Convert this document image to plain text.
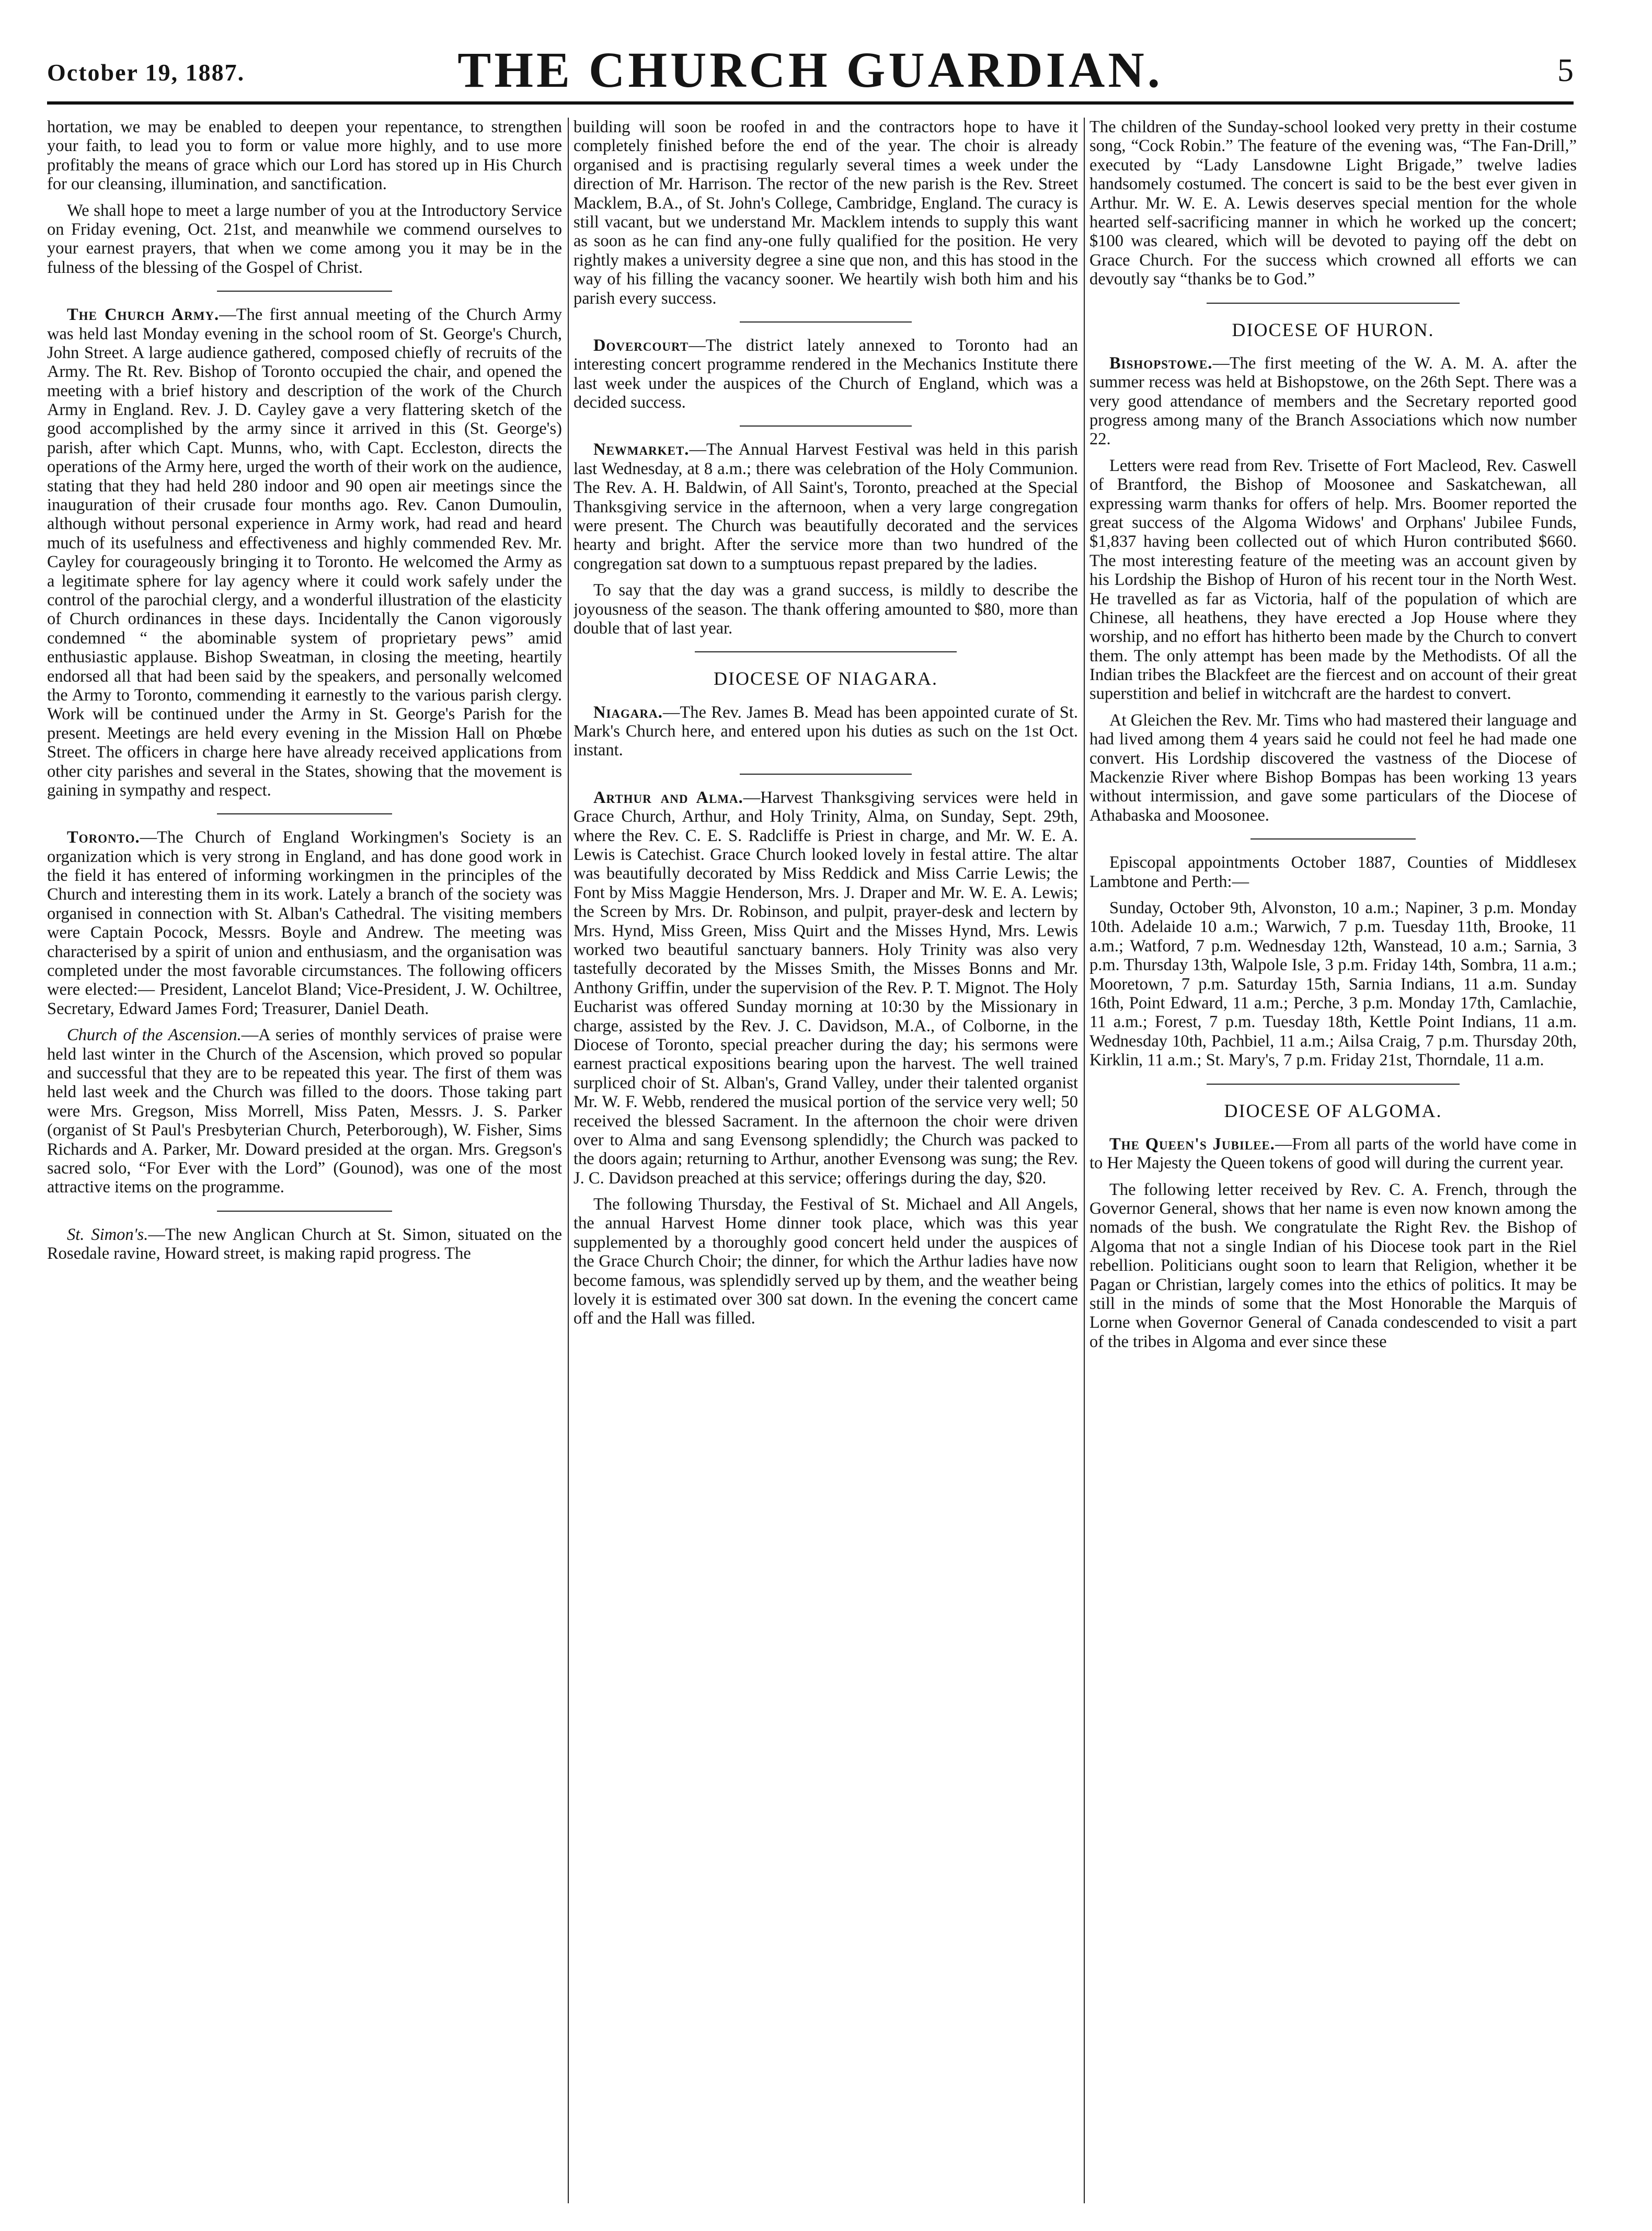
October 19, 1887.	THE CHURCH GUARDIAN.	5

hortation, we may be enabled to deepen your repentance, to strengthen your faith, to lead you to form or value more highly, and to use more profitably the means of grace which our Lord has stored up in His Church for our cleansing, illumination, and sanctification.

We shall hope to meet a large number of you at the Introductory Service on Friday evening, Oct. 21st, and meanwhile we commend ourselves to your earnest prayers, that when we come among you it may be in the fulness of the blessing of the Gospel of Christ.

The Church Army.—The first annual meeting of the Church Army was held last Monday evening in the school room of St. George's Church, John Street. A large audience gathered, composed chiefly of recruits of the Army. The Rt. Rev. Bishop of Toronto occupied the chair, and opened the meeting with a brief history and description of the work of the Church Army in England. Rev. J. D. Cayley gave a very flattering sketch of the good accomplished by the army since it arrived in this (St. George's) parish, after which Capt. Munns, who, with Capt. Eccleston, directs the operations of the Army here, urged the worth of their work on the audience, stating that they had held 280 indoor and 90 open air meetings since the inauguration of their crusade four months ago. Rev. Canon Dumoulin, although without personal experience in Army work, had read and heard much of its usefulness and effectiveness and highly commended Rev. Mr. Cayley for courageously bringing it to Toronto. He welcomed the Army as a legitimate sphere for lay agency where it could work safely under the control of the parochial clergy, and a wonderful illustration of the elasticity of Church ordinances in these days. Incidentally the Canon vigorously condemned “ the abominable system of proprietary pews” amid enthusiastic applause. Bishop Sweatman, in closing the meeting, heartily endorsed all that had been said by the speakers, and personally welcomed the Army to Toronto, commending it earnestly to the various parish clergy. Work will be continued under the Army in St. George's Parish for the present. Meetings are held every evening in the Mission Hall on Phœbe Street. The officers in charge here have already received applications from other city parishes and several in the States, showing that the movement is gaining in sympathy and respect.

Toronto.—The Church of England Workingmen's Society is an organization which is very strong in England, and has done good work in the field it has entered of informing workingmen in the principles of the Church and interesting them in its work. Lately a branch of the society was organised in connection with St. Alban's Cathedral. The visiting members were Captain Pocock, Messrs. Boyle and Andrew. The meeting was characterised by a spirit of union and enthusiasm, and the organisation was completed under the most favorable circumstances. The following officers were elected:— President, Lancelot Bland; Vice-President, J. W. Ochiltree, Secretary, Edward James Ford; Treasurer, Daniel Death.

Church of the Ascension.—A series of monthly services of praise were held last winter in the Church of the Ascension, which proved so popular and successful that they are to be repeated this year. The first of them was held last week and the Church was filled to the doors. Those taking part were Mrs. Gregson, Miss Morrell, Miss Paten, Messrs. J. S. Parker (organist of St Paul's Presbyterian Church, Peterborough), W. Fisher, Sims Richards and A. Parker, Mr. Doward presided at the organ. Mrs. Gregson's sacred solo, “For Ever with the Lord” (Gounod), was one of the most attractive items on the programme.

St. Simon's.—The new Anglican Church at St. Simon, situated on the Rosedale ravine, Howard street, is making rapid progress. The

building will soon be roofed in and the contractors hope to have it completely finished before the end of the year. The choir is already organised and is practising regularly several times a week under the direction of Mr. Harrison. The rector of the new parish is the Rev. Street Macklem, B.A., of St. John's College, Cambridge, England. The curacy is still vacant, but we understand Mr. Macklem intends to supply this want as soon as he can find any-one fully qualified for the position. He very rightly makes a university degree a sine que non, and this has stood in the way of his filling the vacancy sooner. We heartily wish both him and his parish every success.

Dovercourt—The district lately annexed to Toronto had an interesting concert programme rendered in the Mechanics Institute there last week under the auspices of the Church of England, which was a decided success.

Newmarket.—The Annual Harvest Festival was held in this parish last Wednesday, at 8 a.m.; there was celebration of the Holy Communion. The Rev. A. H. Baldwin, of All Saint's, Toronto, preached at the Special Thanksgiving service in the afternoon, when a very large congregation were present. The Church was beautifully decorated and the services hearty and bright. After the service more than two hundred of the congregation sat down to a sumptuous repast prepared by the ladies.

To say that the day was a grand success, is mildly to describe the joyousness of the season. The thank offering amounted to $80, more than double that of last year.

DIOCESE OF NIAGARA.

Niagara.—The Rev. James B. Mead has been appointed curate of St. Mark's Church here, and entered upon his duties as such on the 1st Oct. instant.

Arthur and Alma.—Harvest Thanksgiving services were held in Grace Church, Arthur, and Holy Trinity, Alma, on Sunday, Sept. 29th, where the Rev. C. E. S. Radcliffe is Priest in charge, and Mr. W. E. A. Lewis is Catechist. Grace Church looked lovely in festal attire. The altar was beautifully decorated by Miss Reddick and Miss Carrie Lewis; the Font by Miss Maggie Henderson, Mrs. J. Draper and Mr. W. E. A. Lewis; the Screen by Mrs. Dr. Robinson, and pulpit, prayer-desk and lectern by Mrs. Hynd, Miss Green, Miss Quirt and the Misses Hynd, Mrs. Lewis worked two beautiful sanctuary banners. Holy Trinity was also very tastefully decorated by the Misses Smith, the Misses Bonns and Mr. Anthony Griffin, under the supervision of the Rev. P. T. Mignot. The Holy Eucharist was offered Sunday morning at 10:30 by the Missionary in charge, assisted by the Rev. J. C. Davidson, M.A., of Colborne, in the Diocese of Toronto, special preacher during the day; his sermons were earnest practical expositions bearing upon the harvest. The well trained surpliced choir of St. Alban's, Grand Valley, under their talented organist Mr. W. F. Webb, rendered the musical portion of the service very well; 50 received the blessed Sacrament. In the afternoon the choir were driven over to Alma and sang Evensong splendidly; the Church was packed to the doors again; returning to Arthur, another Evensong was sung; the Rev. J. C. Davidson preached at this service; offerings during the day, $20.

The following Thursday, the Festival of St. Michael and All Angels, the annual Harvest Home dinner took place, which was this year supplemented by a thoroughly good concert held under the auspices of the Grace Church Choir; the dinner, for which the Arthur ladies have now become famous, was splendidly served up by them, and the weather being lovely it is estimated over 300 sat down. In the evening the concert came off and the Hall was filled.

The children of the Sunday-school looked very pretty in their costume song, “Cock Robin.” The feature of the evening was, “The Fan-Drill,” executed by “Lady Lansdowne Light Brigade,” twelve ladies handsomely costumed. The concert is said to be the best ever given in Arthur. Mr. W. E. A. Lewis deserves special mention for the whole hearted self-sacrificing manner in which he worked up the concert; $100 was cleared, which will be devoted to paying off the debt on Grace Church. For the success which crowned all efforts we can devoutly say “thanks be to God.”

DIOCESE OF HURON.

Bishopstowe.—The first meeting of the W. A. M. A. after the summer recess was held at Bishopstowe, on the 26th Sept. There was a very good attendance of members and the Secretary reported good progress among many of the Branch Associations which now number 22.

Letters were read from Rev. Trisette of Fort Macleod, Rev. Caswell of Brantford, the Bishop of Moosonee and Saskatchewan, all expressing warm thanks for offers of help. Mrs. Boomer reported the great success of the Algoma Widows' and Orphans' Jubilee Funds, $1,837 having been collected out of which Huron contributed $660. The most interesting feature of the meeting was an account given by his Lordship the Bishop of Huron of his recent tour in the North West. He travelled as far as Victoria, half of the population of which are Chinese, all heathens, they have erected a Jop House where they worship, and no effort has hitherto been made by the Church to convert them. The only attempt has been made by the Methodists. Of all the Indian tribes the Blackfeet are the fiercest and on account of their great superstition and belief in witchcraft are the hardest to convert.

At Gleichen the Rev. Mr. Tims who had mastered their language and had lived among them 4 years said he could not feel he had made one convert. His Lordship discovered the vastness of the Diocese of Mackenzie River where Bishop Bompas has been working 13 years without intermission, and gave some particulars of the Diocese of Athabaska and Moosonee.

Episcopal appointments October 1887, Counties of Middlesex Lambtone and Perth:—

Sunday, October 9th, Alvonston, 10 a.m.; Napiner, 3 p.m. Monday 10th. Adelaide 10 a.m.; Warwich, 7 p.m. Tuesday 11th, Brooke, 11 a.m.; Watford, 7 p.m. Wednesday 12th, Wanstead, 10 a.m.; Sarnia, 3 p.m. Thursday 13th, Walpole Isle, 3 p.m. Friday 14th, Sombra, 11 a.m.; Mooretown, 7 p.m. Saturday 15th, Sarnia Indians, 11 a.m. Sunday 16th, Point Edward, 11 a.m.; Perche, 3 p.m. Monday 17th, Camlachie, 11 a.m.; Forest, 7 p.m. Tuesday 18th, Kettle Point Indians, 11 a.m. Wednesday 10th, Pachbiel, 11 a.m.; Ailsa Craig, 7 p.m. Thursday 20th, Kirklin, 11 a.m.; St. Mary's, 7 p.m. Friday 21st, Thorndale, 11 a.m.

DIOCESE OF ALGOMA.

The Queen's Jubilee.—From all parts of the world have come in to Her Majesty the Queen tokens of good will during the current year.

The following letter received by Rev. C. A. French, through the Governor General, shows that her name is even now known among the nomads of the bush. We congratulate the Right Rev. the Bishop of Algoma that not a single Indian of his Diocese took part in the Riel rebellion. Politicians ought soon to learn that Religion, whether it be Pagan or Christian, largely comes into the ethics of politics. It may be still in the minds of some that the Most Honorable the Marquis of Lorne when Governor General of Canada condescended to visit a part of the tribes in Algoma and ever since these
